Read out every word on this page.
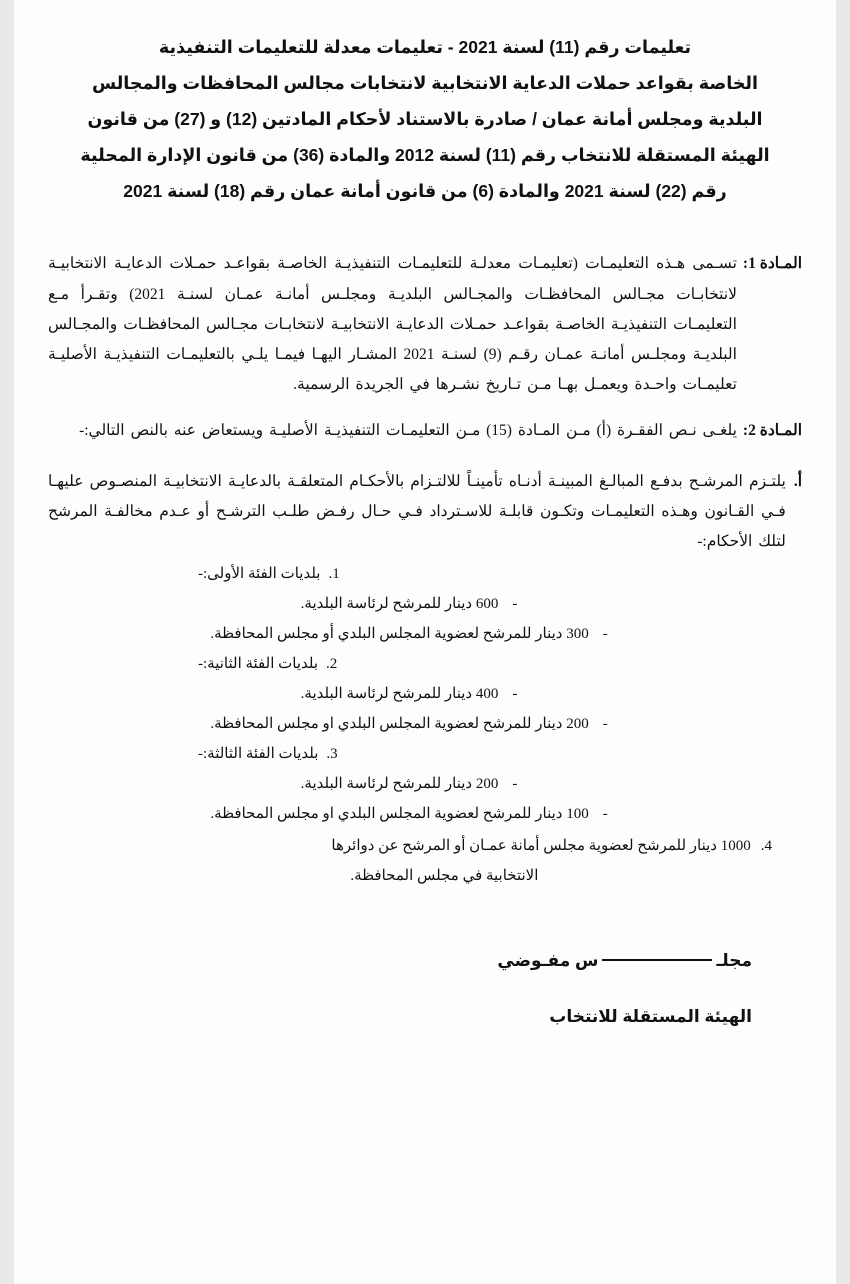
تعليمات رقم (11) لسنة 2021 - تعليمات معدلة للتعليمات التنفيذية
الخاصة بقواعد حملات الدعاية الانتخابية لانتخابات مجالس المحافظات والمجالس
البلدية ومجلس أمانة عمان / صادرة بالاستناد لأحكام المادتين (12) و (27) من قانون
الهيئة المستقلة للانتخاب رقم (11) لسنة 2012 والمادة (36) من قانون الإدارة المحلية
رقم (22) لسنة 2021 والمادة (6) من قانون أمانة عمان رقم (18) لسنة 2021
المـادة 1:
تسـمى هـذه التعليمـات (تعليمـات معدلـة للتعليمـات التنفيذيـة الخاصـة بقواعـد حمـلات الدعايـة الانتخابيـة لانتخابـات مجـالس المحافظـات والمجـالس البلديـة ومجلـس أمانـة عمـان لسنـة 2021) وتقـرأ مـع التعليمـات التنفيذيـة الخاصـة بقواعـد حمـلات الدعايـة الانتخابيـة لانتخابـات مجـالس المحافظـات والمجـالس البلديـة ومجلـس أمانـة عمـان رقـم (9) لسنـة 2021 المشـار اليهـا فيمـا يلـي بالتعليمـات التنفيذيـة الأصليـة تعليمـات واحـدة ويعمـل بهـا مـن تـاريخ نشـرها في الجريدة الرسمية.
المـادة 2:
يلغـى نـص الفقـرة (أ) مـن المـادة (15) مـن التعليمـات التنفيذيـة الأصليـة ويستعاض عنه بالنص التالي:-
أ.
يلتـزم المرشـح بدفـع المبالـغ المبينـة أدنـاه تأمينـاً للالتـزام بالأحكـام المتعلقـة بالدعايـة الانتخابيـة المنصـوص عليهـا فـي القـانون وهـذه التعليمـات وتكـون قابلـة للاسـترداد فـي حـال رفـض طلـب الترشـح أو عـدم مخالفـة المرشح لتلك الأحكام:-
1.
بلديات الفئة الأولى:-
-
600 دينار للمرشح لرئاسة البلدية.
-
300 دينار للمرشح لعضوية المجلس البلدي أو مجلس المحافظة.
2.
بلديات الفئة الثانية:-
-
400 دينار للمرشح لرئاسة البلدية.
-
200 دينار للمرشح لعضوية المجلس البلدي او مجلس المحافظة.
3.
بلديات الفئة الثالثة:-
-
200 دينار للمرشح لرئاسة البلدية.
-
100 دينار للمرشح لعضوية المجلس البلدي او مجلس المحافظة.
4.
1000 دينار للمرشح لعضوية مجلس أمانة عمـان أو المرشح عن دوائرها
الانتخابية في مجلس المحافظة.
مجلـس مفـوضي
الهيئة المستقلة للانتخاب
